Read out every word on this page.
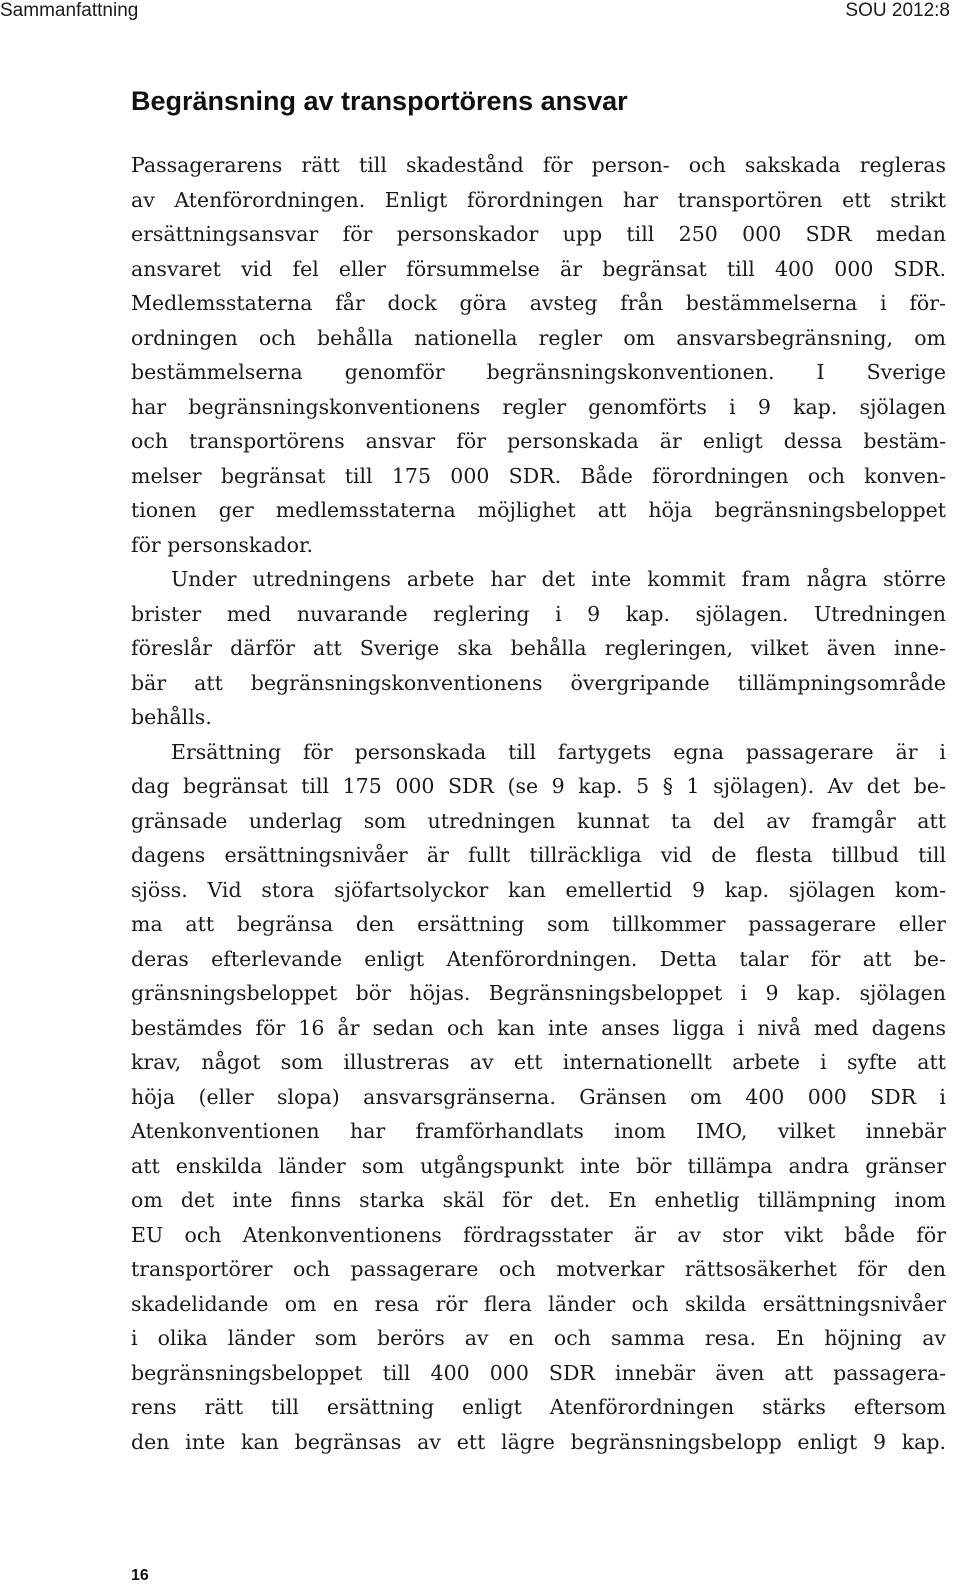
Sammanfattning	SOU 2012:8
Begränsning av transportörens ansvar
Passagerarens rätt till skadestånd för person- och sakskada regleras
av Atenförordningen. Enligt förordningen har transportören ett strikt
ersättningsansvar för personskador upp till 250 000 SDR medan
ansvaret vid fel eller försummelse är begränsat till 400 000 SDR.
Medlemsstaterna får dock göra avsteg från bestämmelserna i för-
ordningen och behålla nationella regler om ansvarsbegränsning, om
bestämmelserna genomför begränsningskonventionen. I Sverige
har begränsningskonventionens regler genomförts i 9 kap. sjölagen
och transportörens ansvar för personskada är enligt dessa bestäm-
melser begränsat till 175 000 SDR. Både förordningen och konven-
tionen ger medlemsstaterna möjlighet att höja begränsningsbeloppet
för personskador.
Under utredningens arbete har det inte kommit fram några större
brister med nuvarande reglering i 9 kap. sjölagen. Utredningen
föreslår därför att Sverige ska behålla regleringen, vilket även inne-
bär att begränsningskonventionens övergripande tillämpningsområde
behålls.
Ersättning för personskada till fartygets egna passagerare är i
dag begränsat till 175 000 SDR (se 9 kap. 5 § 1 sjölagen). Av det be-
gränsade underlag som utredningen kunnat ta del av framgår att
dagens ersättningsnivåer är fullt tillräckliga vid de flesta tillbud till
sjöss. Vid stora sjöfartsolyckor kan emellertid 9 kap. sjölagen kom-
ma att begränsa den ersättning som tillkommer passagerare eller
deras efterlevande enligt Atenförordningen. Detta talar för att be-
gränsningsbeloppet bör höjas. Begränsningsbeloppet i 9 kap. sjölagen
bestämdes för 16 år sedan och kan inte anses ligga i nivå med dagens
krav, något som illustreras av ett internationellt arbete i syfte att
höja (eller slopa) ansvarsgränserna. Gränsen om 400 000 SDR i
Atenkonventionen har framförhandlats inom IMO, vilket innebär
att enskilda länder som utgångspunkt inte bör tillämpa andra gränser
om det inte finns starka skäl för det. En enhetlig tillämpning inom
EU och Atenkonventionens fördragsstater är av stor vikt både för
transportörer och passagerare och motverkar rättsosäkerhet för den
skadelidande om en resa rör flera länder och skilda ersättningsnivåer
i olika länder som berörs av en och samma resa. En höjning av
begränsningsbeloppet till 400 000 SDR innebär även att passagera-
rens rätt till ersättning enligt Atenförordningen stärks eftersom
den inte kan begränsas av ett lägre begränsningsbelopp enligt 9 kap.
16
